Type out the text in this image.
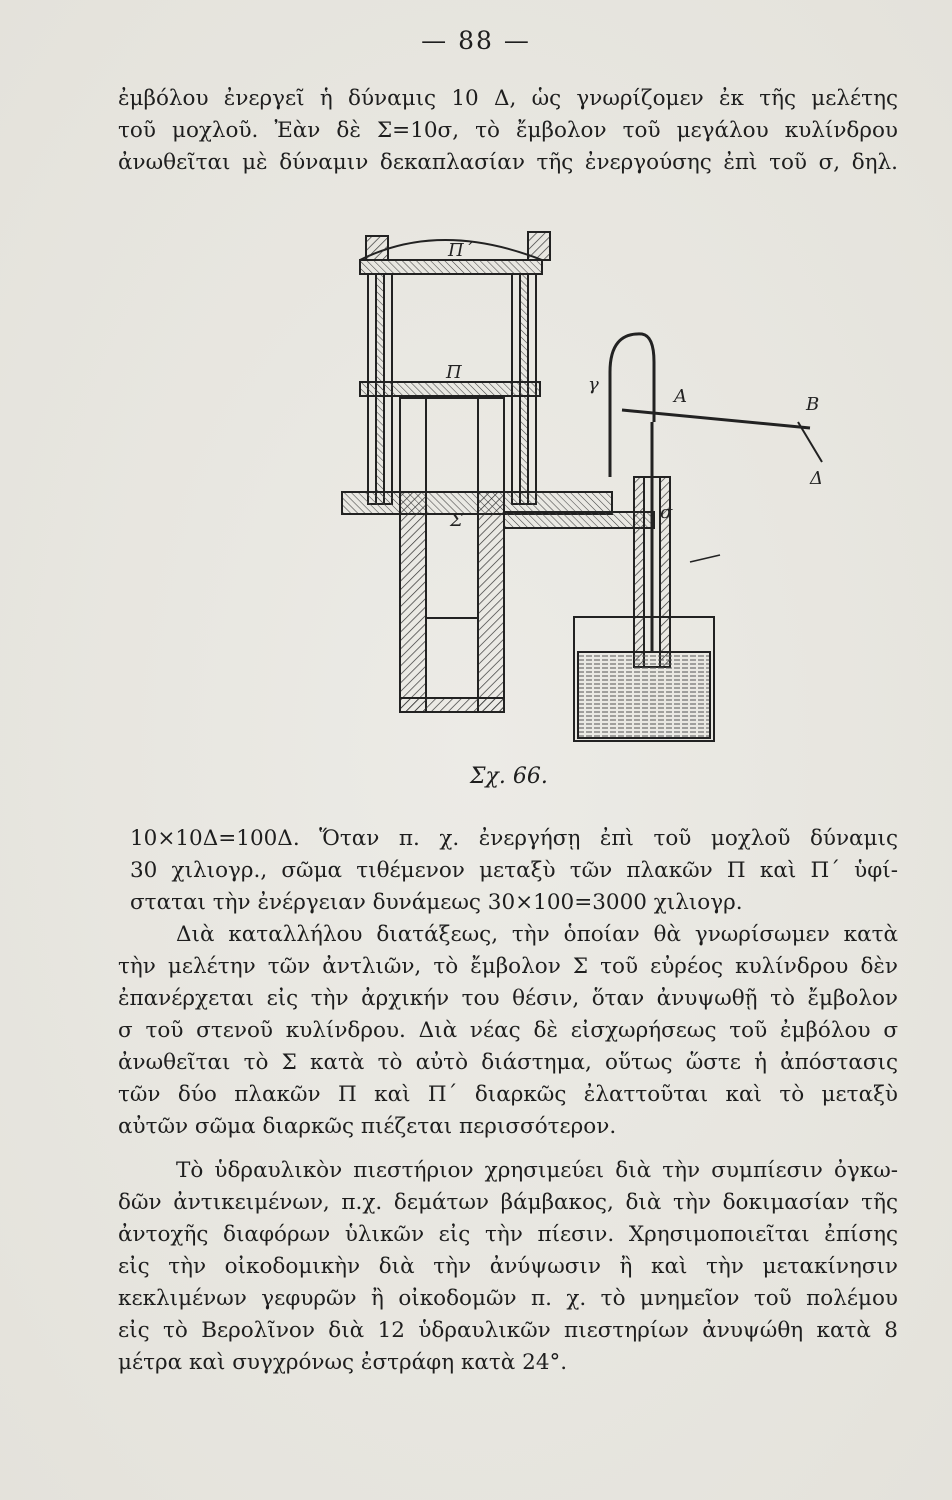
— 88 —
ἐμβόλου ἐνεργεῖ ἡ δύναμις 10 Δ, ὡς γνωρίζομεν ἐκ τῆς μελέτης
τοῦ μοχλοῦ. Ἐὰν δὲ Σ=10σ, τὸ ἔμβολον τοῦ μεγάλου κυλίνδρου
ἀνωθεῖται μὲ δύναμιν δεκαπλασίαν τῆς ἐνεργούσης ἐπὶ τοῦ σ, δηλ.
Π΄
Π
Σ
A	B
Δ
γ
σ
Σχ. 66.
10×10Δ=100Δ. Ὅταν π. χ. ἐνεργήσῃ ἐπὶ τοῦ μοχλοῦ δύναμις
30 χιλιογρ., σῶμα τιθέμενον μεταξὺ τῶν πλακῶν Π καὶ Π΄ ὑφί-
σταται τὴν ἐνέργειαν δυνάμεως 30×100=3000 χιλιογρ.
Διὰ καταλλήλου διατάξεως, τὴν ὁποίαν θὰ γνωρίσωμεν κατὰ
τὴν μελέτην τῶν ἀντλιῶν, τὸ ἔμβολον Σ τοῦ εὐρέος κυλίνδρου δὲν
ἐπανέρχεται εἰς τὴν ἀρχικήν του θέσιν, ὅταν ἀνυψωθῇ τὸ ἔμβολον
σ τοῦ στενοῦ κυλίνδρου. Διὰ νέας δὲ εἰσχωρήσεως τοῦ ἐμβόλου σ
ἀνωθεῖται τὸ Σ κατὰ τὸ αὐτὸ διάστημα, οὕτως ὥστε ἡ ἀπόστασις
τῶν δύο πλακῶν Π καὶ Π΄ διαρκῶς ἐλαττοῦται καὶ τὸ μεταξὺ
αὐτῶν σῶμα διαρκῶς πιέζεται περισσότερον.
Τὸ ὑδραυλικὸν πιεστήριον χρησιμεύει διὰ τὴν συμπίεσιν ὀγκω-
δῶν ἀντικειμένων, π.χ. δεμάτων βάμβακος, διὰ τὴν δοκιμασίαν τῆς
ἀντοχῆς διαφόρων ὑλικῶν εἰς τὴν πίεσιν. Χρησιμοποιεῖται ἐπίσης
εἰς τὴν οἰκοδομικὴν διὰ τὴν ἀνύψωσιν ἢ καὶ τὴν μετακίνησιν
κεκλιμένων γεφυρῶν ἢ οἰκοδομῶν π. χ. τὸ μνημεῖον τοῦ πολέμου
εἰς τὸ Βερολῖνον διὰ 12 ὑδραυλικῶν πιεστηρίων ἀνυψώθη κατὰ 8
μέτρα καὶ συγχρόνως ἐστράφη κατὰ 24°.
